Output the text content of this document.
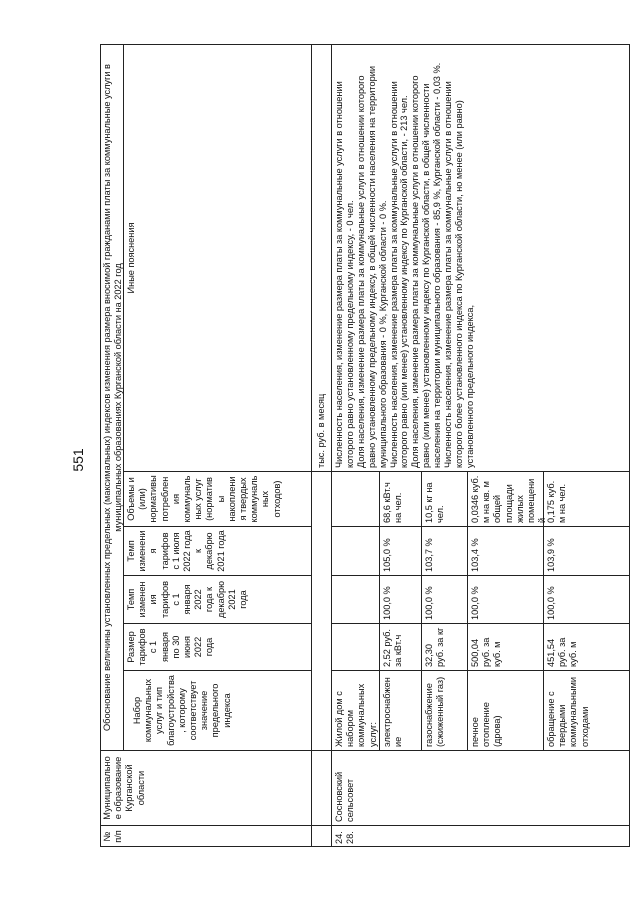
551
№
п/п
Муниципальное образование Курганской области
Обоснование величины установленных предельных (максимальных) индексов изменения размера вносимой гражданами платы за коммунальные услуги в муниципальных образованиях Курганской области на 2022 год
Набор коммунальных услуг и тип благоустройства, которому соответствует значение предельного индекса
Размер тарифов с 1 января по 30 июня 2022 года
Темп изменения тарифов с 1 января 2022 года к декабрю 2021 года
Темп изменения тарифов с 1 июля 2022 года к декабрю 2021 года
Объемы и (или) нормативы потребления коммунальных услуг (нормативы накопления твердых коммунальных отходов)
Иные пояснения
тыс. руб. в месяц
24.28.
Сосновский сельсовет
Жилой дом с набором коммунальных услуг:
Численность населения, изменение размера платы за коммунальные услуги в отношении которого равно установленному предельному индексу, - 0 чел.
Доля населения, изменение размера платы за коммунальные услуги в отношении которого равно установленному предельному индексу, в общей численности населения на территории муниципального образования - 0 %, Курганской области - 0 %.
Численность населения, изменение размера платы за коммунальные услуги в отношении которого равно (или менее) установленному индексу по Курганской области, - 213 чел.
Доля населения, изменение размера платы за коммунальные услуги в отношении которого равно (или менее) установленному индексу по Курганской области, в общей численности населения на территории муниципального образования - 85,9 %, Курганской области - 0,03 %.
Численность населения, изменение размера платы за коммунальные услуги в отношении которого более установленного индекса по Курганской области, но менее (или равно) установленного предельного индекса,
электроснабжение
2,52 руб. за кВт.ч
100,0 %
105,0 %
68,6 кВт.ч на чел.
газоснабжение (сжиженный газ)
32,30 руб. за кг
100,0 %
103,7 %
10,5 кг на чел.
печное отопление (дрова)
500,04 руб. за куб. м
100,0 %
103,4 %
0,0346 куб. м на кв. м общей площади жилых помещений
обращение с твердыми коммунальными отходами
451,54 руб. за куб. м
100,0 %
103,9 %
0,175 куб. м на чел.
